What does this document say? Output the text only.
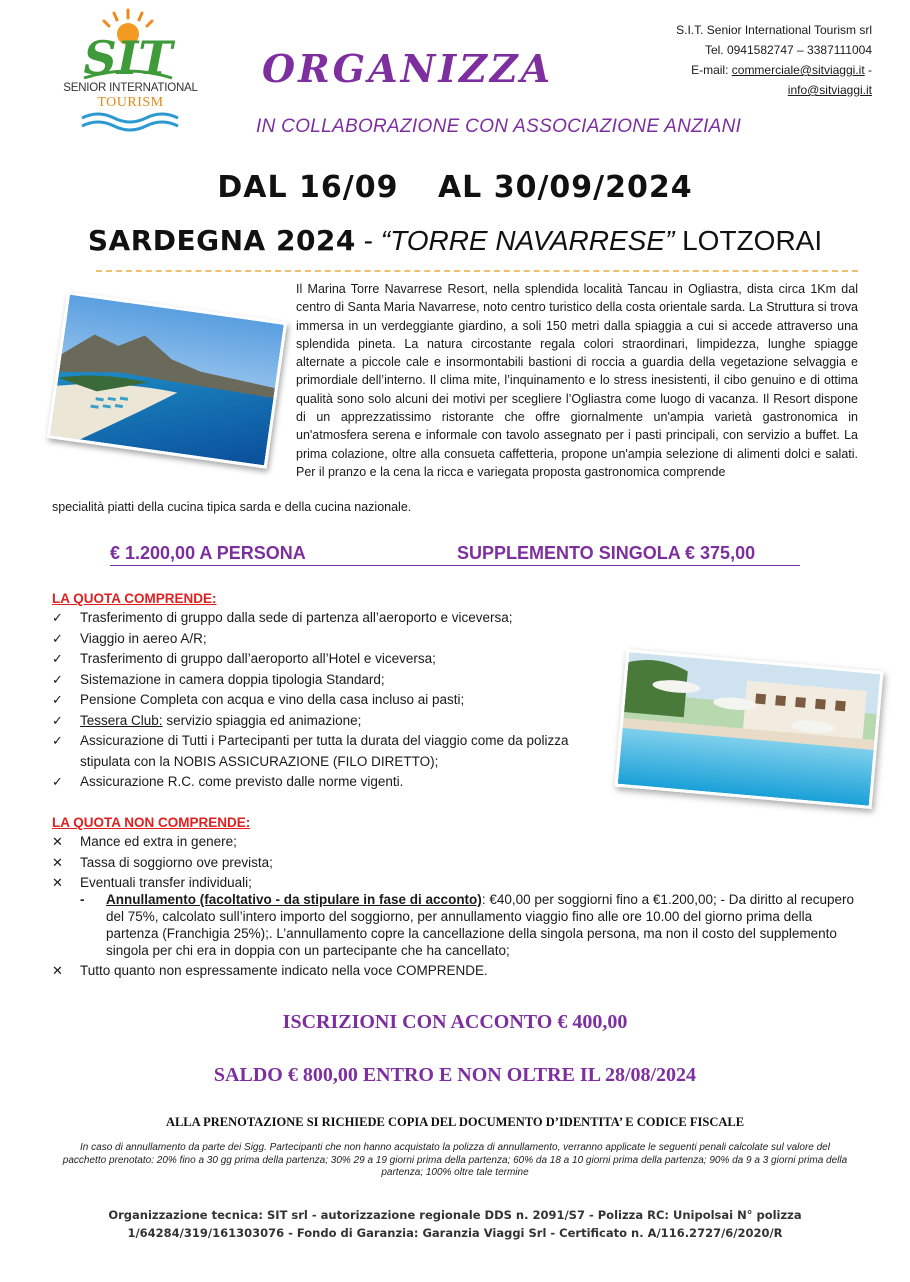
SIT
SENIOR INTERNATIONAL
TOURISM
ORGANIZZA
IN COLLABORAZIONE CON ASSOCIAZIONE ANZIANI
S.I.T. Senior International Tourism srl
Tel. 0941582747 – 3387111004
E-mail: commerciale@sitviaggi.it -
info@sitviaggi.it
DAL 16/09 AL 30/09/2024
SARDEGNA 2024 - “TORRE NAVARRESE” LOTZORAI
Il Marina Torre Navarrese Resort, nella splendida località Tancau in Ogliastra, dista circa 1Km dal centro di Santa Maria Navarrese, noto centro turistico della costa orientale sarda. La Struttura si trova immersa in un verdeggiante giardino, a soli 150 metri dalla spiaggia a cui si accede attraverso una splendida pineta. La natura circostante regala colori straordinari, limpidezza, lunghe spiagge alternate a piccole cale e insormontabili bastioni di roccia a guardia della vegetazione selvaggia e primordiale dell’interno. Il clima mite, l’inquinamento e lo stress inesistenti, il cibo genuino e di ottima qualità sono solo alcuni dei motivi per scegliere l’Ogliastra come luogo di vacanza. Il Resort dispone di un apprezzatissimo ristorante che offre giornalmente un'ampia varietà gastronomica in un'atmosfera serena e informale con tavolo assegnato per i pasti principali, con servizio a buffet. La prima colazione, oltre alla consueta caffetteria, propone un'ampia selezione di alimenti dolci e salati. Per il pranzo e la cena la ricca e variegata proposta gastronomica comprende
specialità piatti della cucina tipica sarda e della cucina nazionale.
€ 1.200,00 A PERSONA	SUPPLEMENTO SINGOLA € 375,00
LA QUOTA COMPRENDE:
✓	Trasferimento di gruppo dalla sede di partenza all’aeroporto e viceversa;
✓	Viaggio in aereo A/R;
✓	Trasferimento di gruppo dall’aeroporto all’Hotel e viceversa;
✓	Sistemazione in camera doppia tipologia Standard;
✓	Pensione Completa con acqua e vino della casa incluso ai pasti;
✓	Tessera Club: servizio spiaggia ed animazione;
✓	Assicurazione di Tutti i Partecipanti per tutta la durata del viaggio come da polizza stipulata con la NOBIS ASSICURAZIONE (FILO DIRETTO);
✓	Assicurazione R.C. come previsto dalle norme vigenti.
LA QUOTA NON COMPRENDE:
✕	Mance ed extra in genere;
✕	Tassa di soggiorno ove prevista;
✕	Eventuali transfer individuali;
- Annullamento (facoltativo - da stipulare in fase di acconto): €40,00 per soggiorni fino a €1.200,00; - Da diritto al recupero del 75%, calcolato sull’intero importo del soggiorno, per annullamento viaggio fino alle ore 10.00 del giorno prima della partenza (Franchigia 25%);. L’annullamento copre la cancellazione della singola persona, ma non il costo del supplemento singola per chi era in doppia con un partecipante che ha cancellato;
✕	Tutto quanto non espressamente indicato nella voce COMPRENDE.
ISCRIZIONI CON ACCONTO € 400,00
SALDO € 800,00 ENTRO E NON OLTRE IL 28/08/2024
ALLA PRENOTAZIONE SI RICHIEDE COPIA DEL DOCUMENTO D’IDENTITA’ E CODICE FISCALE
In caso di annullamento da parte dei Sigg. Partecipanti che non hanno acquistato la polizza di annullamento, verranno applicate le seguenti penali calcolate sul valore del pacchetto prenotato: 20% fino a 30 gg prima della partenza; 30% 29 a 19 giorni prima della partenza; 60% da 18 a 10 giorni prima della partenza; 90% da 9 a 3 giorni prima della partenza; 100% oltre tale termine
Organizzazione tecnica: SIT srl - autorizzazione regionale DDS n. 2091/S7 - Polizza RC: Unipolsai N° polizza
1/64284/319/161303076 - Fondo di Garanzia: Garanzia Viaggi Srl - Certificato n. A/116.2727/6/2020/R
